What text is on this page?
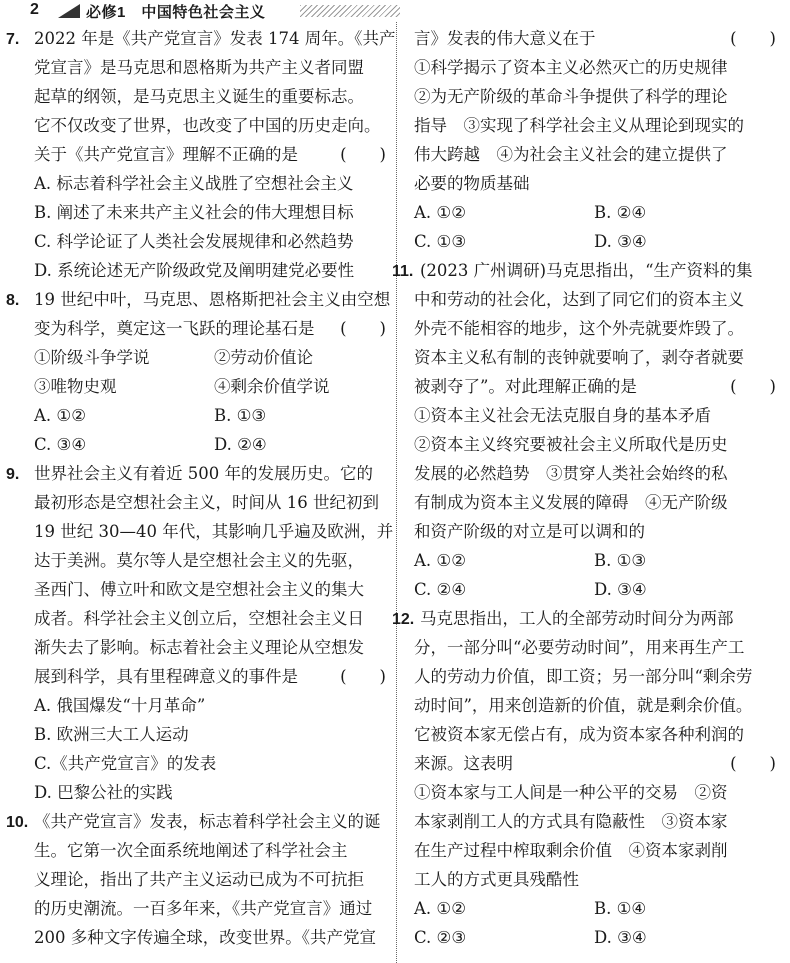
2	必修1　中国特色社会主义
7. 2022 年是《共产党宣言》发表 174 周年。《共产
党宣言》是马克思和恩格斯为共产主义者同盟
起草的纲领，是马克思主义诞生的重要标志。
它不仅改变了世界，也改变了中国的历史走向。
关于《共产党宣言》理解不正确的是	(　　)
A. 标志着科学社会主义战胜了空想社会主义
B. 阐述了未来共产主义社会的伟大理想目标
C. 科学论证了人类社会发展规律和必然趋势
D. 系统论述无产阶级政党及阐明建党必要性
8. 19 世纪中叶，马克思、恩格斯把社会主义由空想
变为科学，奠定这一飞跃的理论基石是 (　　)
①阶级斗争学说	②劳动价值论
③唯物史观	④剩余价值学说
A. ①②	B. ①③
C. ③④	D. ②④
9. 世界社会主义有着近 500 年的发展历史。它的
最初形态是空想社会主义，时间从 16 世纪初到
19 世纪 30—40 年代，其影响几乎遍及欧洲，并
达于美洲。莫尔等人是空想社会主义的先驱，
圣西门、傅立叶和欧文是空想社会主义的集大
成者。科学社会主义创立后，空想社会主义日
渐失去了影响。标志着社会主义理论从空想发
展到科学，具有里程碑意义的事件是	(　　)
A. 俄国爆发“十月革命”
B. 欧洲三大工人运动
C.《共产党宣言》的发表
D. 巴黎公社的实践
10. 《共产党宣言》发表，标志着科学社会主义的诞
生。它第一次全面系统地阐述了科学社会主
义理论，指出了共产主义运动已成为不可抗拒
的历史潮流。一百多年来，《共产党宣言》通过
200 多种文字传遍全球，改变世界。《共产党宣
言》发表的伟大意义在于	(　　)
①科学揭示了资本主义必然灭亡的历史规律
②为无产阶级的革命斗争提供了科学的理论
指导　③实现了科学社会主义从理论到现实的
伟大跨越　④为社会主义社会的建立提供了
必要的物质基础
A. ①②	B. ②④
C. ①③	D. ③④
11. (2023 广州调研)马克思指出，“生产资料的集
中和劳动的社会化，达到了同它们的资本主义
外壳不能相容的地步，这个外壳就要炸毁了。
资本主义私有制的丧钟就要响了，剥夺者就要
被剥夺了”。对此理解正确的是	(　　)
①资本主义社会无法克服自身的基本矛盾
②资本主义终究要被社会主义所取代是历史
发展的必然趋势　③贯穿人类社会始终的私
有制成为资本主义发展的障碍　④无产阶级
和资产阶级的对立是可以调和的
A. ①②	B. ①③
C. ②④	D. ③④
12. 马克思指出，工人的全部劳动时间分为两部
分，一部分叫“必要劳动时间”，用来再生产工
人的劳动力价值，即工资；另一部分叫“剩余劳
动时间”，用来创造新的价值，就是剩余价值。
它被资本家无偿占有，成为资本家各种利润的
来源。这表明	(　　)
①资本家与工人间是一种公平的交易　②资
本家剥削工人的方式具有隐蔽性　③资本家
在生产过程中榨取剩余价值　④资本家剥削
工人的方式更具残酷性
A. ①②	B. ①④
C. ②③	D. ③④
